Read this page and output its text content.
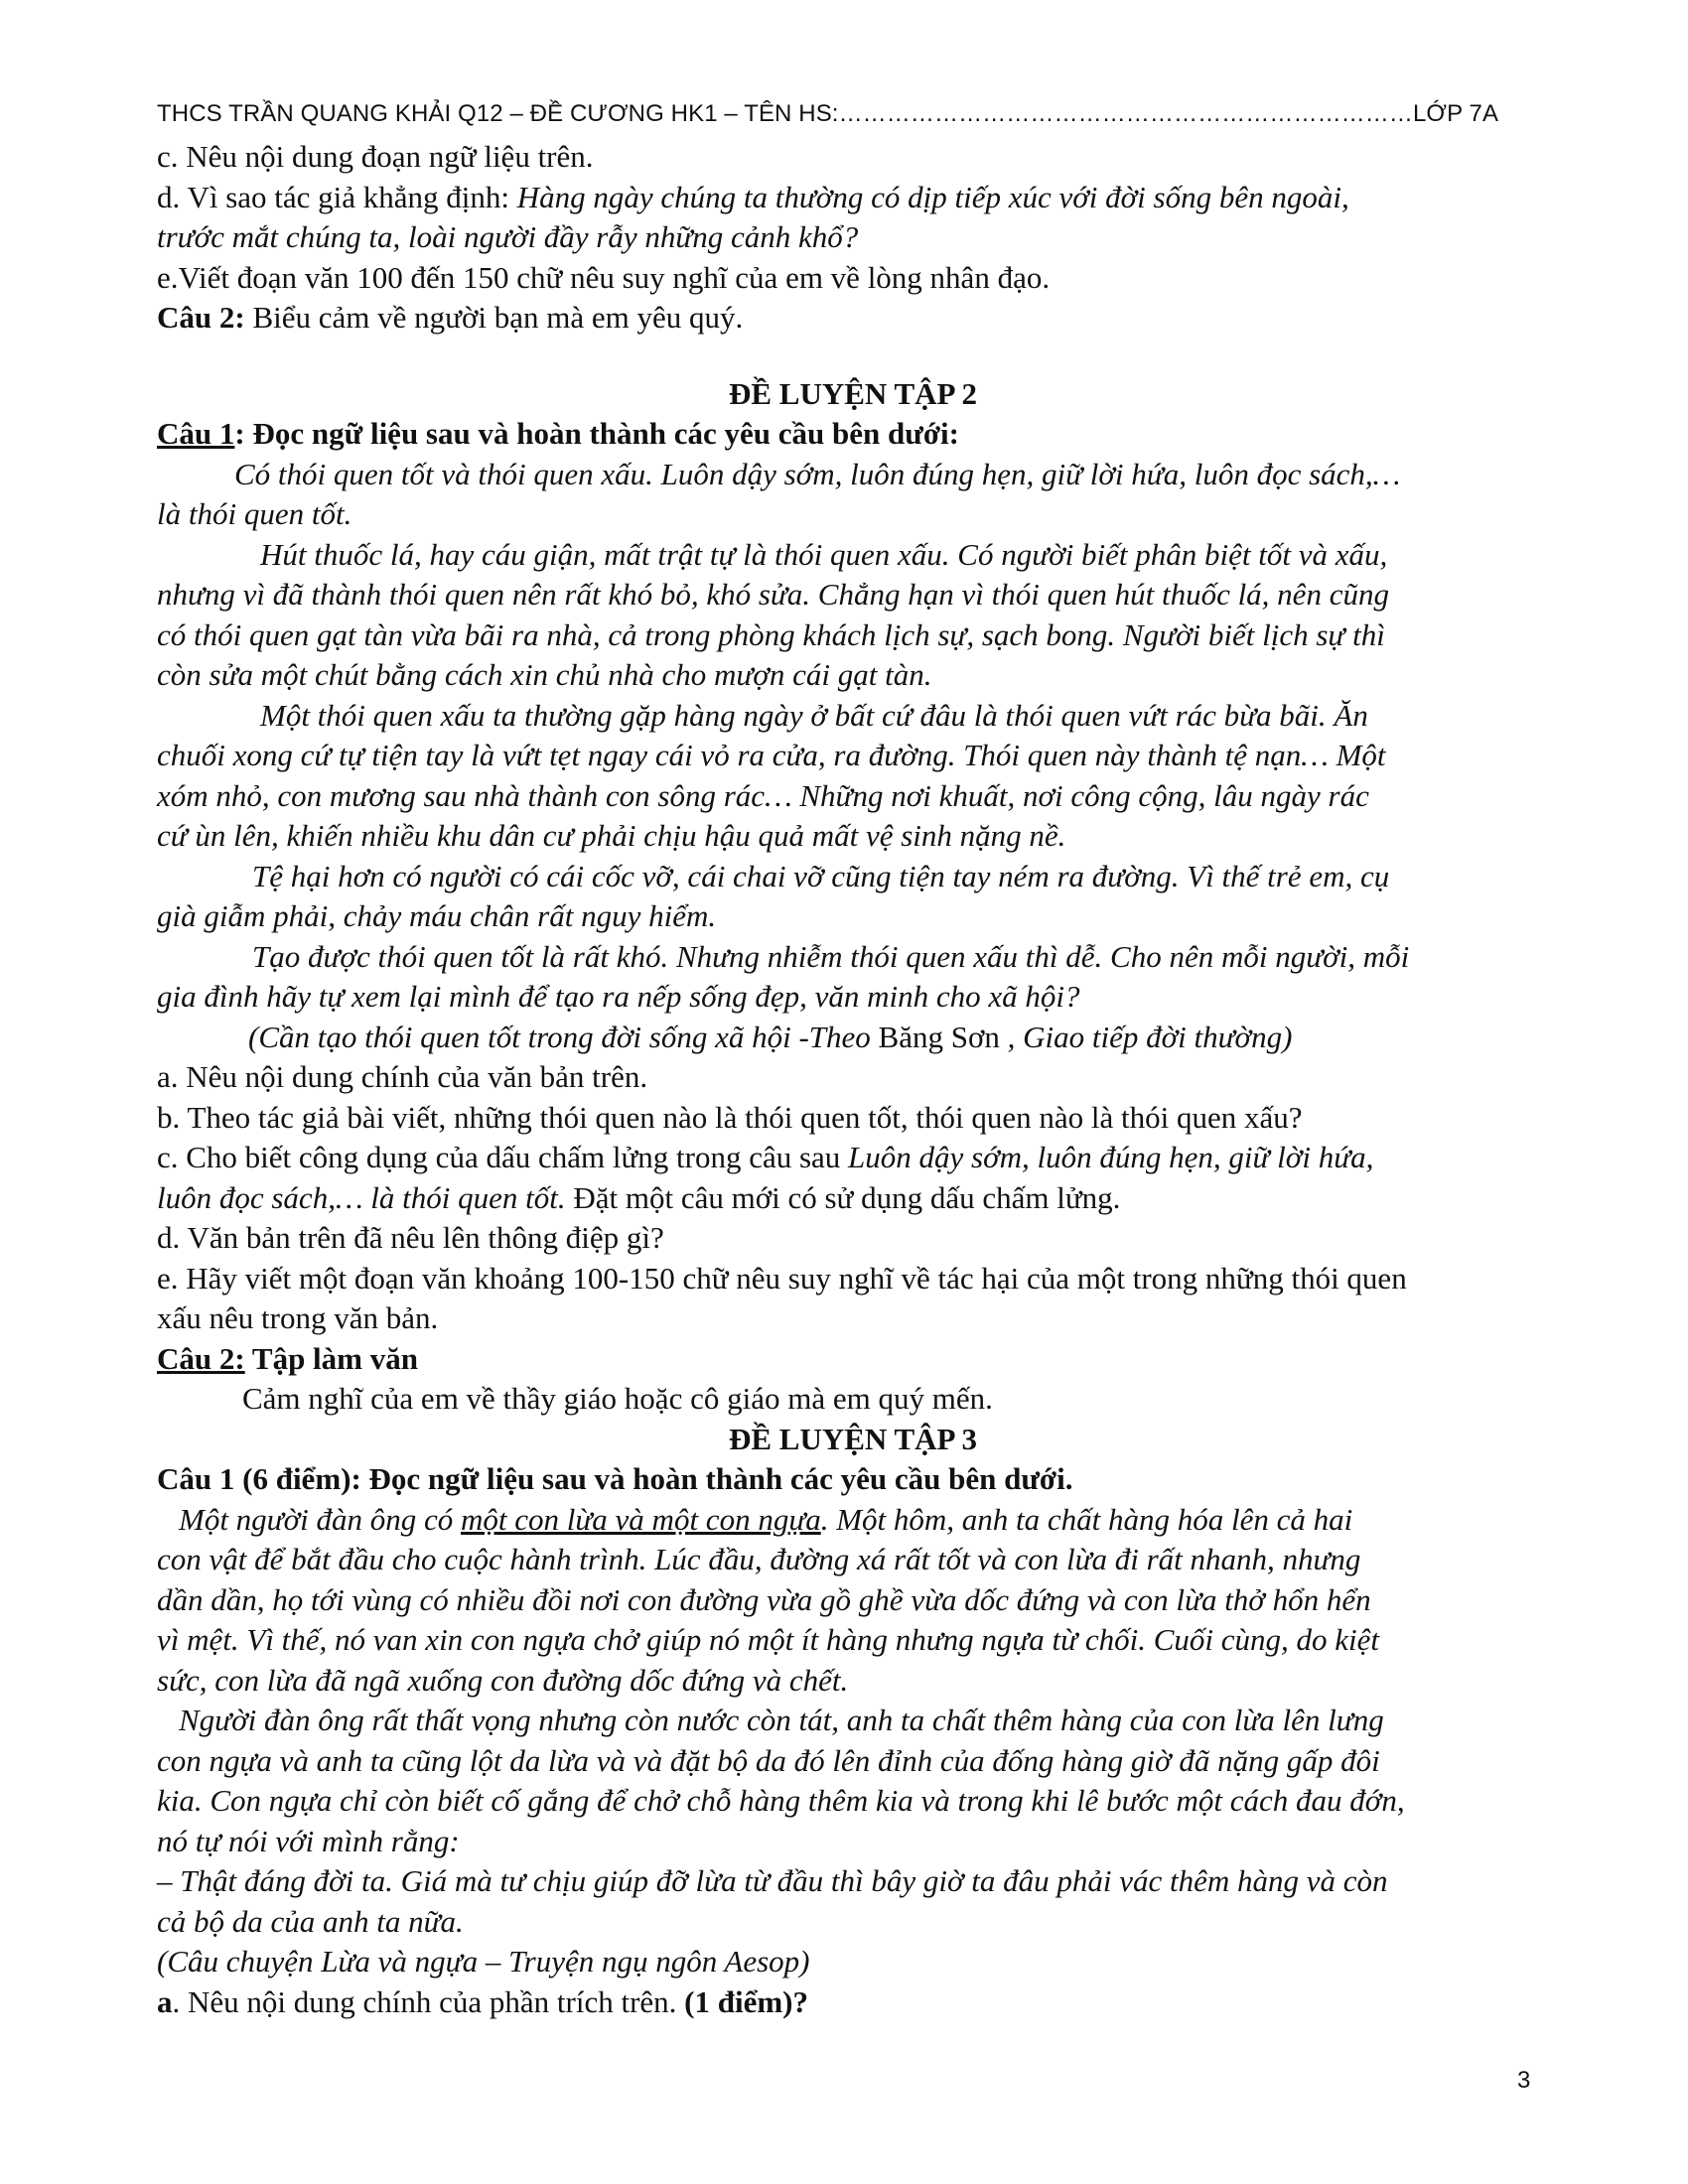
THCS TRẦN QUANG KHẢI Q12 – ĐỀ CƯƠNG HK1 – TÊN HS:………………………………………………………………LỚP 7A
c. Nêu nội dung đoạn ngữ liệu trên.
d. Vì sao tác giả khẳng định: Hàng ngày chúng ta thường có dịp tiếp xúc với đời sống bên ngoài,
trước mắt chúng ta, loài người đầy rẫy những cảnh khổ?
e.Viết đoạn văn 100 đến 150 chữ nêu suy nghĩ của em về lòng nhân đạo.
Câu 2: Biểu cảm về người bạn mà em yêu quý.
ĐỀ LUYỆN TẬP 2
Câu 1: Đọc ngữ liệu sau và hoàn thành các yêu cầu bên dưới:
Có thói quen tốt và thói quen xấu. Luôn dậy sớm, luôn đúng hẹn, giữ lời hứa, luôn đọc sách,…
là thói quen tốt.
Hút thuốc lá, hay cáu giận, mất trật tự là thói quen xấu. Có người biết phân biệt tốt và xấu,
nhưng vì đã thành thói quen nên rất khó bỏ, khó sửa. Chẳng hạn vì thói quen hút thuốc lá, nên cũng
có thói quen gạt tàn vừa bãi ra nhà, cả trong phòng khách lịch sự, sạch bong. Người biết lịch sự thì
còn sửa một chút bằng cách xin chủ nhà cho mượn cái gạt tàn.
Một thói quen xấu ta thường gặp hàng ngày ở bất cứ đâu là thói quen vứt rác bừa bãi. Ăn
chuối xong cứ tự tiện tay là vứt tẹt ngay cái vỏ ra cửa, ra đường. Thói quen này thành tệ nạn… Một
xóm nhỏ, con mương sau nhà thành con sông rác… Những nơi khuất, nơi công cộng, lâu ngày rác
cứ ùn lên, khiến nhiều khu dân cư phải chịu hậu quả mất vệ sinh nặng nề.
Tệ hại hơn có người có cái cốc vỡ, cái chai vỡ cũng tiện tay ném ra đường. Vì thế trẻ em, cụ
già giẫm phải, chảy máu chân rất nguy hiểm.
Tạo được thói quen tốt là rất khó. Nhưng nhiễm thói quen xấu thì dễ. Cho nên mỗi người, mỗi
gia đình hãy tự xem lại mình để tạo ra nếp sống đẹp, văn minh cho xã hội?
(Cần tạo thói quen tốt trong đời sống xã hội -Theo Băng Sơn , Giao tiếp đời thường)
a. Nêu nội dung chính của văn bản trên.
b. Theo tác giả bài viết, những thói quen nào là thói quen tốt, thói quen nào là thói quen xấu?
c. Cho biết công dụng của dấu chấm lửng trong câu sau Luôn dậy sớm, luôn đúng hẹn, giữ lời hứa,
luôn đọc sách,… là thói quen tốt. Đặt một câu mới có sử dụng dấu chấm lửng.
d. Văn bản trên đã nêu lên thông điệp gì?
e. Hãy viết một đoạn văn khoảng 100-150 chữ nêu suy nghĩ về tác hại của một trong những thói quen
xấu nêu trong văn bản.
Câu 2: Tập làm văn
Cảm nghĩ của em về thầy giáo hoặc cô giáo mà em quý mến.
ĐỀ LUYỆN TẬP 3
Câu 1 (6 điểm): Đọc ngữ liệu sau và hoàn thành các yêu cầu bên dưới.
Một người đàn ông có một con lừa và một con ngựa. Một hôm, anh ta chất hàng hóa lên cả hai
con vật để bắt đầu cho cuộc hành trình. Lúc đầu, đường xá rất tốt và con lừa đi rất nhanh, nhưng
dần dần, họ tới vùng có nhiều đồi nơi con đường vừa gồ ghề vừa dốc đứng và con lừa thở hổn hển
vì mệt. Vì thế, nó van xin con ngựa chở giúp nó một ít hàng nhưng ngựa từ chối. Cuối cùng, do kiệt
sức, con lừa đã ngã xuống con đường dốc đứng và chết.
Người đàn ông rất thất vọng nhưng còn nước còn tát, anh ta chất thêm hàng của con lừa lên lưng
con ngựa và anh ta cũng lột da lừa và và đặt bộ da đó lên đỉnh của đống hàng giờ đã nặng gấp đôi
kia. Con ngựa chỉ còn biết cố gắng để chở chỗ hàng thêm kia và trong khi lê bước một cách đau đớn,
nó tự nói với mình rằng:
– Thật đáng đời ta. Giá mà tư chịu giúp đỡ lừa từ đầu thì bây giờ ta đâu phải vác thêm hàng và còn
cả bộ da của anh ta nữa.
(Câu chuyện Lừa và ngựa – Truyện ngụ ngôn Aesop)
a. Nêu nội dung chính của phần trích trên. (1 điểm)?
3
